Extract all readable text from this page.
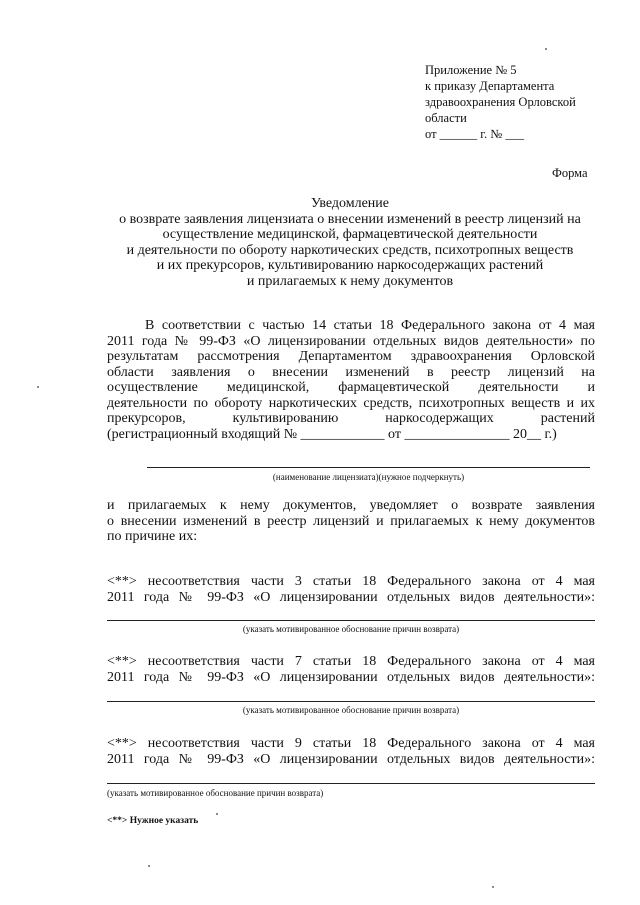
Приложение № 5
к приказу Департамента
здравоохранения Орловской
области
от ______ г. № ___
Форма
Уведомление
о возврате заявления лицензиата о внесении изменений в реестр лицензий на
осуществление медицинской, фармацевтической деятельности
и деятельности по обороту наркотических средств, психотропных веществ
и их прекурсоров, культивированию наркосодержащих растений
и прилагаемых к нему документов
В соответствии с частью 14 статьи 18 Федерального закона от 4 мая
2011 года № 99-ФЗ «О лицензировании отдельных видов деятельности» по
результатам рассмотрения Департаментом здравоохранения Орловской
области заявления о внесении изменений в реестр лицензий на
осуществление медицинской, фармацевтической деятельности и
деятельности по обороту наркотических средств, психотропных веществ и их
прекурсоров, культивированию наркосодержащих растений
(регистрационный входящий № ____________ от _______________ 20__ г.)
(наименование лицензиата)(нужное подчеркнуть)
и прилагаемых к нему документов, уведомляет о возврате заявления
о внесении изменений в реестр лицензий и прилагаемых к нему документов
по причине их:
<**> несоответствия части 3 статьи 18 Федерального закона от 4 мая
2011 года № 99-ФЗ «О лицензировании отдельных видов деятельности»:
(указать мотивированное обоснование причин возврата)
<**> несоответствия части 7 статьи 18 Федерального закона от 4 мая
2011 года № 99-ФЗ «О лицензировании отдельных видов деятельности»:
(указать мотивированное обоснование причин возврата)
<**> несоответствия части 9 статьи 18 Федерального закона от 4 мая
2011 года № 99-ФЗ «О лицензировании отдельных видов деятельности»:
(указать мотивированное обоснование причин возврата)
<**> Нужное указать
